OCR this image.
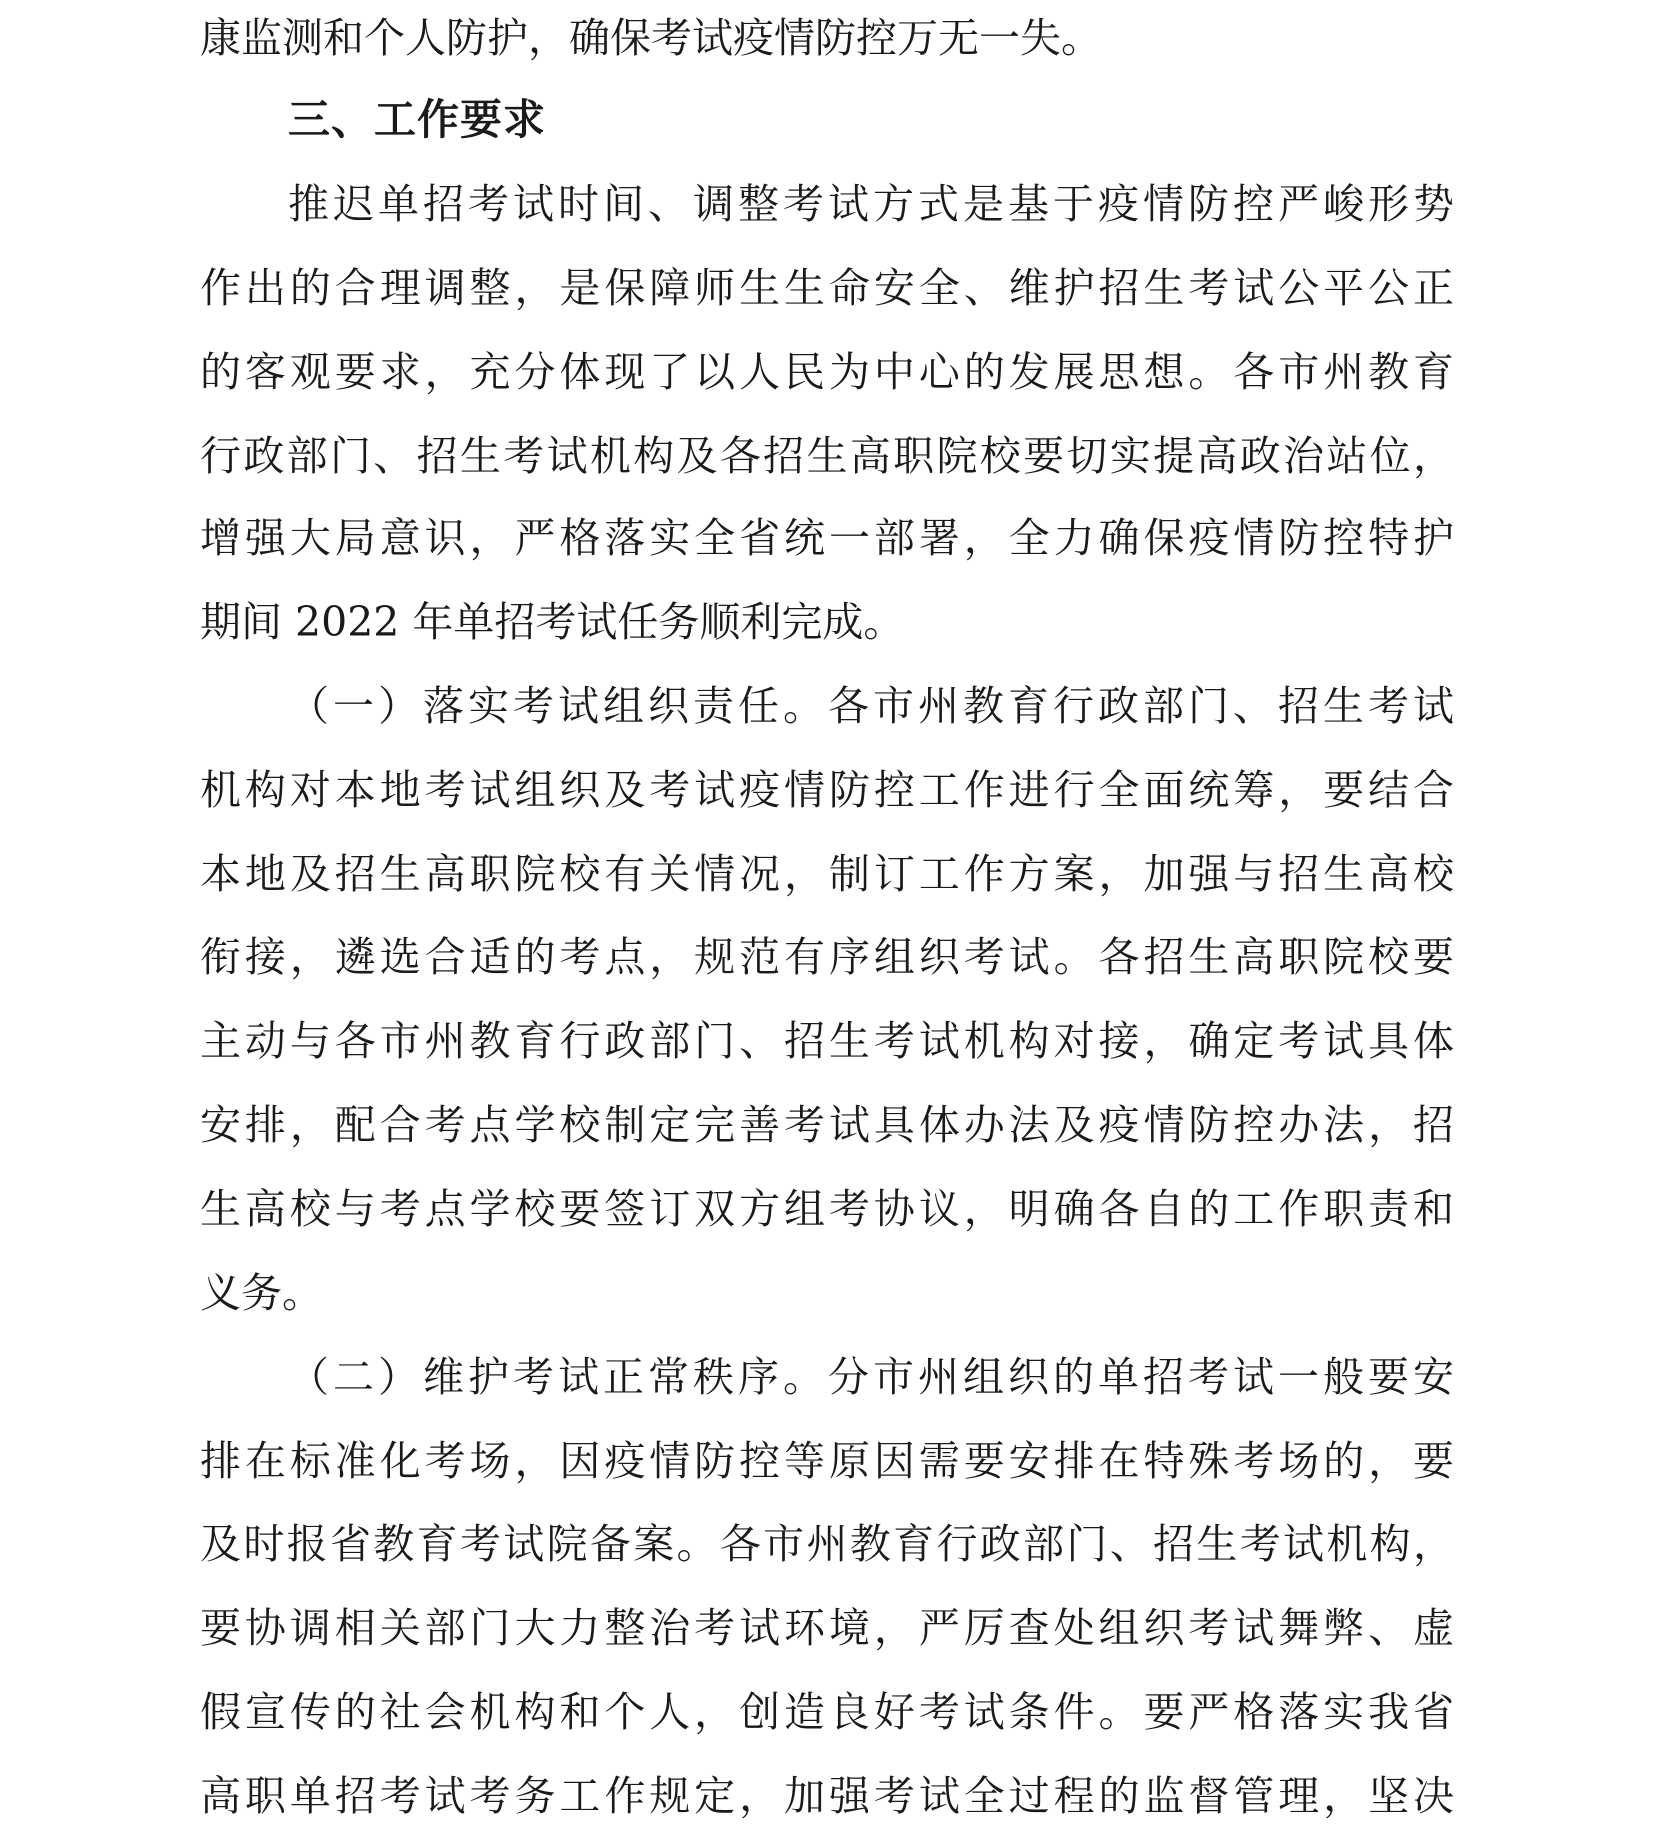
康监测和个人防护，确保考试疫情防控万无一失。
三、工作要求
推迟单招考试时间、调整考试方式是基于疫情防控严峻形势
作出的合理调整，是保障师生生命安全、维护招生考试公平公正
的客观要求，充分体现了以人民为中心的发展思想。各市州教育
行政部门、招生考试机构及各招生高职院校要切实提高政治站位，
增强大局意识，严格落实全省统一部署，全力确保疫情防控特护
期间 2022 年单招考试任务顺利完成。
（一）落实考试组织责任。各市州教育行政部门、招生考试
机构对本地考试组织及考试疫情防控工作进行全面统筹，要结合
本地及招生高职院校有关情况，制订工作方案，加强与招生高校
衔接，遴选合适的考点，规范有序组织考试。各招生高职院校要
主动与各市州教育行政部门、招生考试机构对接，确定考试具体
安排，配合考点学校制定完善考试具体办法及疫情防控办法，招
生高校与考点学校要签订双方组考协议，明确各自的工作职责和
义务。
（二）维护考试正常秩序。分市州组织的单招考试一般要安
排在标准化考场，因疫情防控等原因需要安排在特殊考场的，要
及时报省教育考试院备案。各市州教育行政部门、招生考试机构，
要协调相关部门大力整治考试环境，严厉查处组织考试舞弊、虚
假宣传的社会机构和个人，创造良好考试条件。要严格落实我省
高职单招考试考务工作规定，加强考试全过程的监督管理，坚决
